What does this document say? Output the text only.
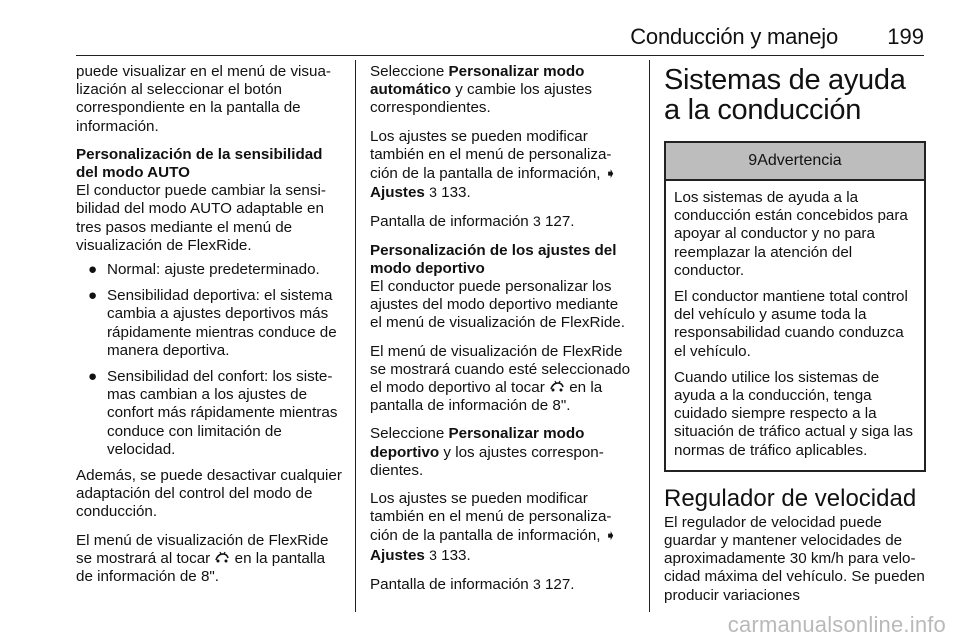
Conducción y manejo 199

puede visualizar en el menú de visualización al seleccionar el botón correspondiente en la pantalla de información.

Personalización de la sensibilidad del modo AUTO

El conductor puede cambiar la sensibilidad del modo AUTO adaptable en tres pasos mediante el menú de visualización de FlexRide.

● Normal: ajuste predeterminado.
● Sensibilidad deportiva: el sistema cambia a ajustes deportivos más rápidamente mientras conduce de manera deportiva.
● Sensibilidad del confort: los sistemas cambian a los ajustes de confort más rápidamente mientras conduce con limitación de velocidad.

Además, se puede desactivar cualquier adaptación del control del modo de conducción.

El menú de visualización de FlexRide se mostrará al tocar  en la pantalla de información de 8".

Seleccione Personalizar modo automático y cambie los ajustes correspondientes.

Los ajustes se pueden modificar también en el menú de personalización de la pantalla de información, ➧ Ajustes 3 133.

Pantalla de información 3 127.

Personalización de los ajustes del modo deportivo

El conductor puede personalizar los ajustes del modo deportivo mediante el menú de visualización de FlexRide.

El menú de visualización de FlexRide se mostrará cuando esté seleccionado el modo deportivo al tocar  en la pantalla de información de 8".

Seleccione Personalizar modo deportivo y los ajustes correspondientes.

Los ajustes se pueden modificar también en el menú de personalización de la pantalla de información, ➧ Ajustes 3 133.

Pantalla de información 3 127.

Sistemas de ayuda a la conducción
9Advertencia

Los sistemas de ayuda a la conducción están concebidos para apoyar al conductor y no para reemplazar la atención del conductor.

El conductor mantiene total control del vehículo y asume toda la responsabilidad cuando conduzca el vehículo.

Cuando utilice los sistemas de ayuda a la conducción, tenga cuidado siempre respecto a la situación de tráfico actual y siga las normas de tráfico aplicables.

Regulador de velocidad

El regulador de velocidad puede guardar y mantener velocidades de aproximadamente 30 km/h para velocidad máxima del vehículo. Se pueden producir variaciones

carmanualsonline.info
